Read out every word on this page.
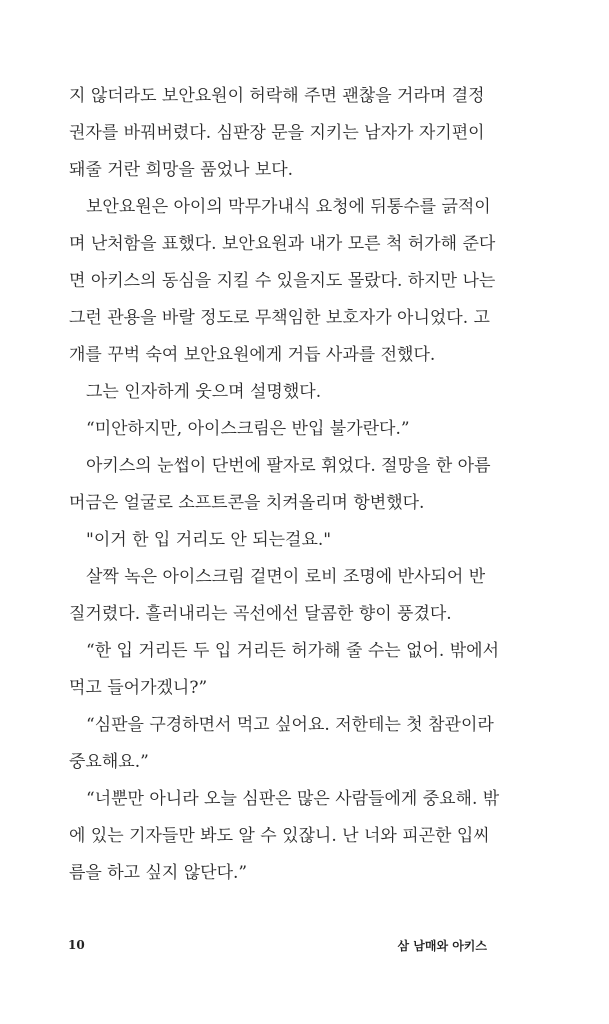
지 않더라도 보안요원이 허락해 주면 괜찮을 거라며 결정
권자를 바꿔버렸다. 심판장 문을 지키는 남자가 자기편이
돼줄 거란 희망을 품었나 보다.
보안요원은 아이의 막무가내식 요청에 뒤통수를 긁적이
며 난처함을 표했다. 보안요원과 내가 모른 척 허가해 준다
면 아키스의 동심을 지킬 수 있을지도 몰랐다. 하지만 나는
그런 관용을 바랄 정도로 무책임한 보호자가 아니었다. 고
개를 꾸벅 숙여 보안요원에게 거듭 사과를 전했다.
그는 인자하게 웃으며 설명했다.
“미안하지만, 아이스크림은 반입 불가란다.”
아키스의 눈썹이 단번에 팔자로 휘었다. 절망을 한 아름
머금은 얼굴로 소프트콘을 치켜올리며 항변했다.
"이거 한 입 거리도 안 되는걸요."
살짝 녹은 아이스크림 겉면이 로비 조명에 반사되어 반
질거렸다. 흘러내리는 곡선에선 달콤한 향이 풍겼다.
“한 입 거리든 두 입 거리든 허가해 줄 수는 없어. 밖에서
먹고 들어가겠니?”
“심판을 구경하면서 먹고 싶어요. 저한테는 첫 참관이라
중요해요.”
“너뿐만 아니라 오늘 심판은 많은 사람들에게 중요해. 밖
에 있는 기자들만 봐도 알 수 있잖니. 난 너와 피곤한 입씨
름을 하고 싶지 않단다.”
10	삼 남매와 아키스
